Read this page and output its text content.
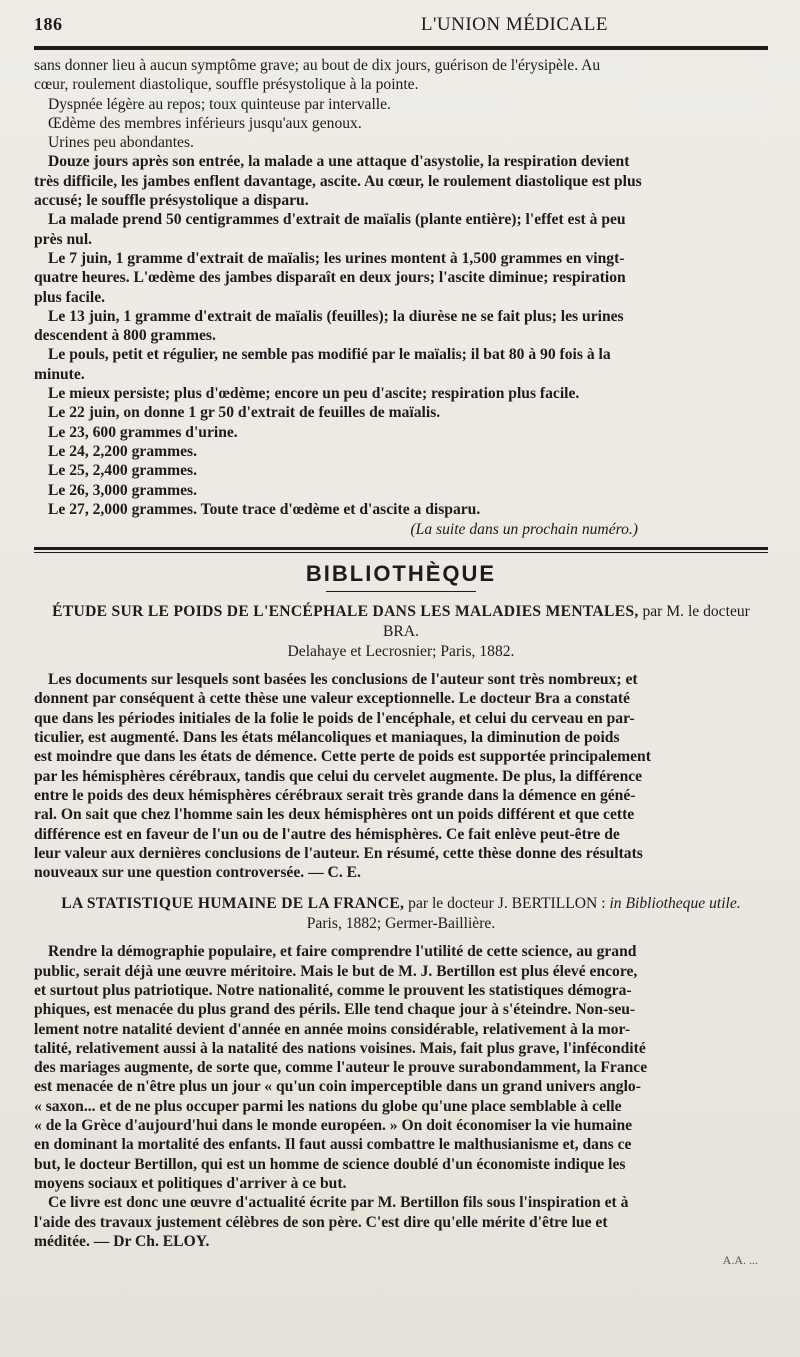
186	L'UNION MÉDICALE

sans donner lieu à aucun symptôme grave; au bout de dix jours, guérison de l'érysipèle. Au

cœur, roulement diastolique, souffle présystolique à la pointe.

Dyspnée légère au repos; toux quinteuse par intervalle.

Œdème des membres inférieurs jusqu'aux genoux.

Urines peu abondantes.

Douze jours après son entrée, la malade a une attaque d'asystolie, la respiration devient

très difficile, les jambes enflent davantage, ascite. Au cœur, le roulement diastolique est plus

accusé; le souffle présystolique a disparu.

La malade prend 50 centigrammes d'extrait de maïalis (plante entière); l'effet est à peu

près nul.

Le 7 juin, 1 gramme d'extrait de maïalis; les urines montent à 1,500 grammes en vingt-

quatre heures. L'œdème des jambes disparaît en deux jours; l'ascite diminue; respiration

plus facile.

Le 13 juin, 1 gramme d'extrait de maïalis (feuilles); la diurèse ne se fait plus; les urines

descendent à 800 grammes.

Le pouls, petit et régulier, ne semble pas modifié par le maïalis; il bat 80 à 90 fois à la

minute.

Le mieux persiste; plus d'œdème; encore un peu d'ascite; respiration plus facile.

Le 22 juin, on donne 1 gr 50 d'extrait de feuilles de maïalis.

Le 23, 600 grammes d'urine.

Le 24, 2,200 grammes.

Le 25, 2,400 grammes.

Le 26, 3,000 grammes.

Le 27, 2,000 grammes. Toute trace d'œdème et d'ascite a disparu.

(La suite dans un prochain numéro.)

BIBLIOTHÈQUE

ÉTUDE SUR LE POIDS DE L'ENCÉPHALE DANS LES MALADIES MENTALES, par M. le docteur BRA.
Delahaye et Lecrosnier; Paris, 1882.

Les documents sur lesquels sont basées les conclusions de l'auteur sont très nombreux; et

donnent par conséquent à cette thèse une valeur exceptionnelle. Le docteur Bra a constaté

que dans les périodes initiales de la folie le poids de l'encéphale, et celui du cerveau en par-

ticulier, est augmenté. Dans les états mélancoliques et maniaques, la diminution de poids

est moindre que dans les états de démence. Cette perte de poids est supportée principalement

par les hémisphères cérébraux, tandis que celui du cervelet augmente. De plus, la différence

entre le poids des deux hémisphères cérébraux serait très grande dans la démence en géné-

ral. On sait que chez l'homme sain les deux hémisphères ont un poids différent et que cette

différence est en faveur de l'un ou de l'autre des hémisphères. Ce fait enlève peut-être de

leur valeur aux dernières conclusions de l'auteur. En résumé, cette thèse donne des résultats

nouveaux sur une question controversée. — C. E.

LA STATISTIQUE HUMAINE DE LA FRANCE, par le docteur J. BERTILLON : in Bibliotheque utile.
Paris, 1882; Germer-Baillière.

Rendre la démographie populaire, et faire comprendre l'utilité de cette science, au grand

public, serait déjà une œuvre méritoire. Mais le but de M. J. Bertillon est plus élevé encore,

et surtout plus patriotique. Notre nationalité, comme le prouvent les statistiques démogra-

phiques, est menacée du plus grand des périls. Elle tend chaque jour à s'éteindre. Non-seu-

lement notre natalité devient d'année en année moins considérable, relativement à la mor-

talité, relativement aussi à la natalité des nations voisines. Mais, fait plus grave, l'infécondité

des mariages augmente, de sorte que, comme l'auteur le prouve surabondamment, la France

est menacée de n'être plus un jour « qu'un coin imperceptible dans un grand univers anglo-

« saxon... et de ne plus occuper parmi les nations du globe qu'une place semblable à celle

« de la Grèce d'aujourd'hui dans le monde européen. » On doit économiser la vie humaine

en dominant la mortalité des enfants. Il faut aussi combattre le malthusianisme et, dans ce

but, le docteur Bertillon, qui est un homme de science doublé d'un économiste indique les

moyens sociaux et politiques d'arriver à ce but.

Ce livre est donc une œuvre d'actualité écrite par M. Bertillon fils sous l'inspiration et à

l'aide des travaux justement célèbres de son père. C'est dire qu'elle mérite d'être lue et

méditée. — Dr Ch. ELOY.

A.A. ...
